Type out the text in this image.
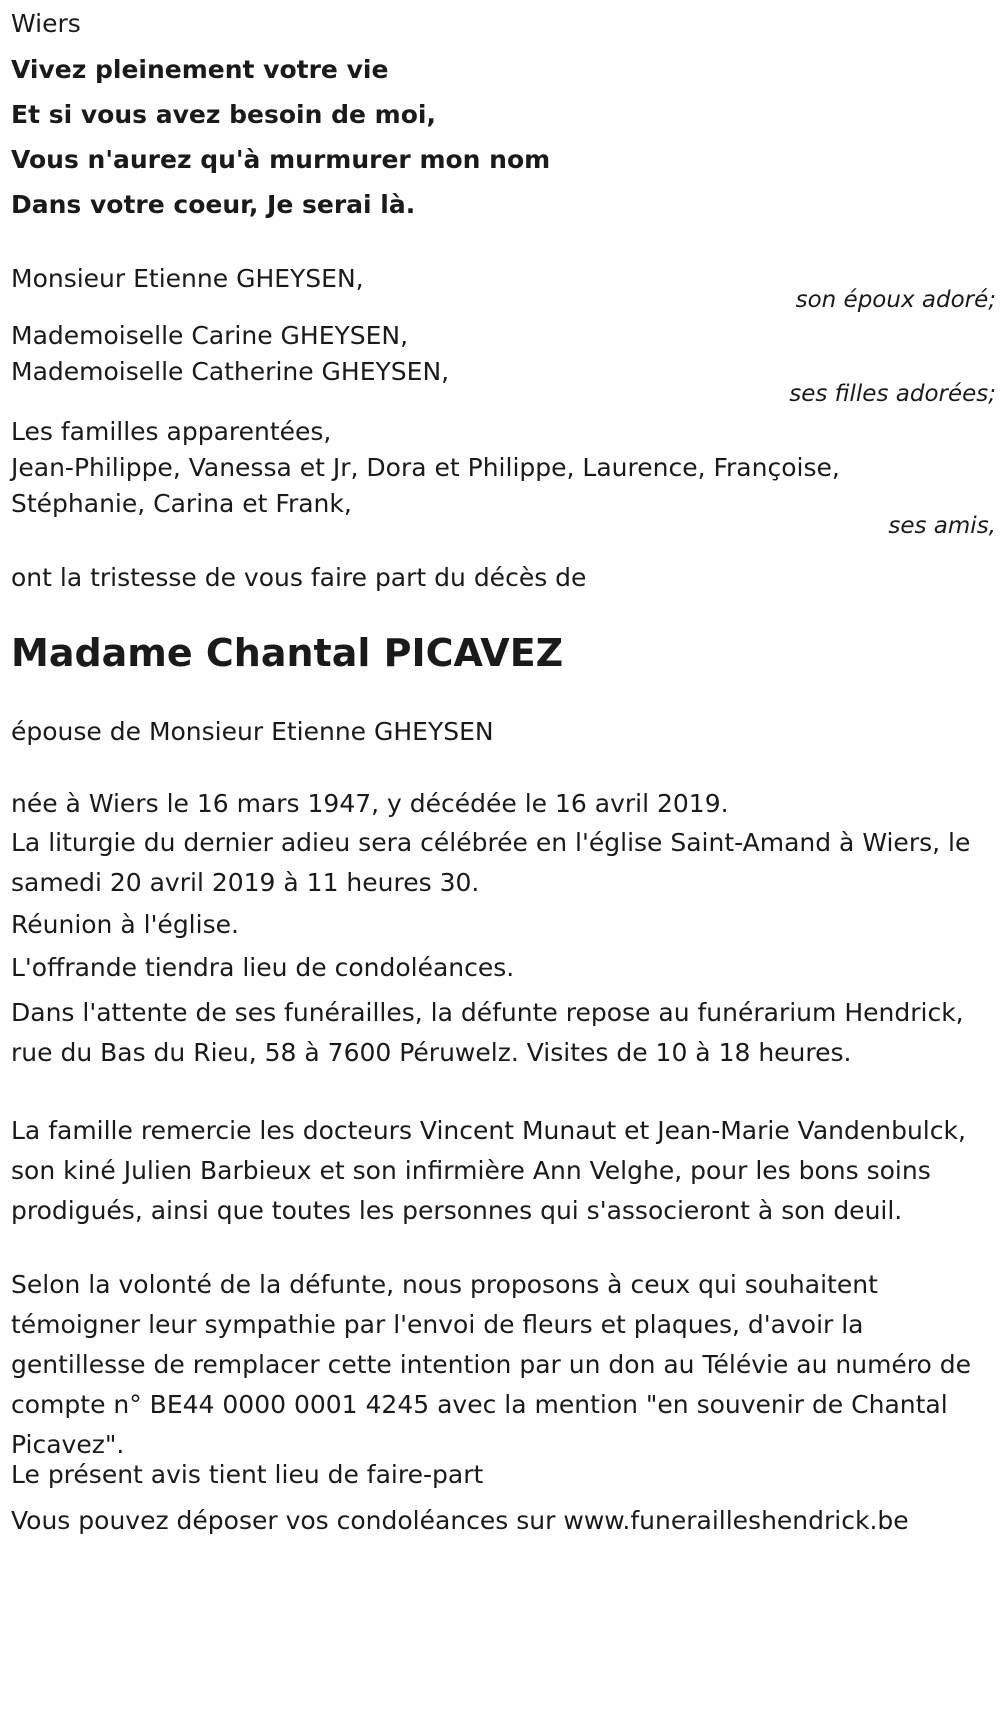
Wiers
Vivez pleinement votre vie
Et si vous avez besoin de moi,
Vous n'aurez qu'à murmurer mon nom
Dans votre coeur, Je serai là.
Monsieur Etienne GHEYSEN,
son époux adoré;
Mademoiselle Carine GHEYSEN,
Mademoiselle Catherine GHEYSEN,
ses filles adorées;
Les familles apparentées,
Jean-Philippe, Vanessa et Jr, Dora et Philippe, Laurence, Françoise,
Stéphanie, Carina et Frank,
ses amis,
ont la tristesse de vous faire part du décès de
Madame Chantal PICAVEZ
épouse de Monsieur Etienne GHEYSEN
née à Wiers le 16 mars 1947, y décédée le 16 avril 2019.

La liturgie du dernier adieu sera célébrée en l'église Saint-Amand à Wiers, le samedi 20 avril 2019 à 11 heures 30.

Réunion à l'église.

L'offrande tiendra lieu de condoléances.

Dans l'attente de ses funérailles, la défunte repose au funérarium Hendrick, rue du Bas du Rieu, 58 à 7600 Péruwelz. Visites de 10 à 18 heures.

La famille remercie les docteurs Vincent Munaut et Jean-Marie Vandenbulck, son kiné Julien Barbieux et son infirmière Ann Velghe, pour les bons soins prodigués, ainsi que toutes les personnes qui s'associeront à son deuil.

Selon la volonté de la défunte, nous proposons à ceux qui souhaitent témoigner leur sympathie par l'envoi de fleurs et plaques, d'avoir la gentillesse de remplacer cette intention par un don au Télévie au numéro de compte n° BE44 0000 0001 4245 avec la mention "en souvenir de Chantal Picavez".

Le présent avis tient lieu de faire-part

Vous pouvez déposer vos condoléances sur www.funerailleshendrick.be
